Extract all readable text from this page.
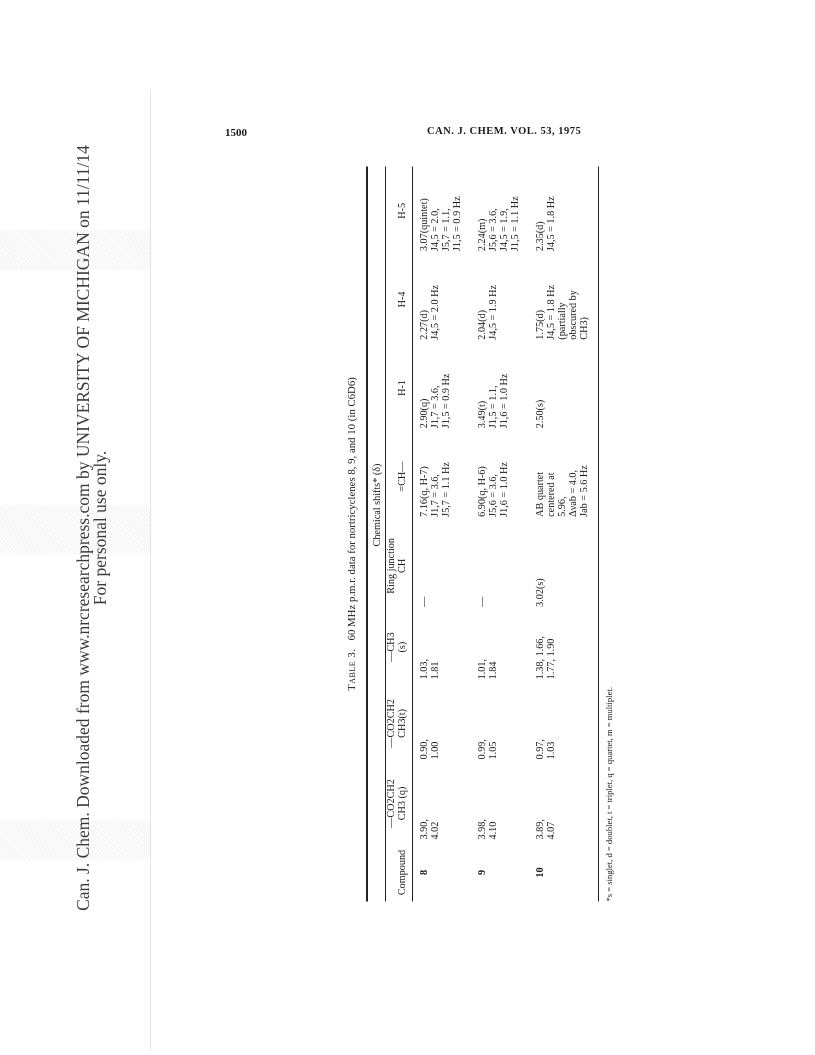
Can. J. Chem. Downloaded from www.nrcresearchpress.com by UNIVERSITY OF MICHIGAN on 11/11/14
For personal use only.
1500	CAN. J. CHEM. VOL. 53, 1975
Table 3.   60 MHz p.m.r. data for nortricyclenes 8, 9, and 10 (in C6D6)

	Chemical shifts* (δ)							

Compound	—CO2CH2 CH3 (q)	—CO2CH2 CH3(t)	—CH3 (s)	Ring junction CH	=CH—	H-1	H-4	H-5

8	3.90, 4.02	0.90, 1.00	1.03, 1.81	—	7.16(q, H-7) J1,7 = 3.6, J5,7 = 1.1 Hz	2.90(q) J1,7 = 3.6, J1,5 = 0.9 Hz	2.27(d) J4,5 = 2.0 Hz	3.07(quintet) J4,5 = 2.0, J5,7 = 1.1, J1,5 = 0.9 Hz

9	3.98, 4.10	0.99, 1.05	1.01, 1.84	—	6.90(q, H-6) J5,6 = 3.6, J1,6 = 1.0 Hz	3.49(t) J1,5 = 1.1, J1,6 = 1.0 Hz	2.04(d) J4,5 = 1.9 Hz	2.24(m) J5,6 = 3.6, J4,5 = 1.9, J1,5 = 1.1 Hz

10	3.89, 4.07	0.97, 1.03	1.38, 1.66, 1.77, 1.90	3.02(s)	AB quartet centered at 5.96, Δνab = 4.0, Jab = 5.6 Hz	2.50(s)	1.75(d) J4,5 = 1.8 Hz (partially obscured by CH3)	2.35(d) J4,5 = 1.8 Hz

*s = singlet, d = doublet, t = triplet, q = quartet, m = multiplet.
